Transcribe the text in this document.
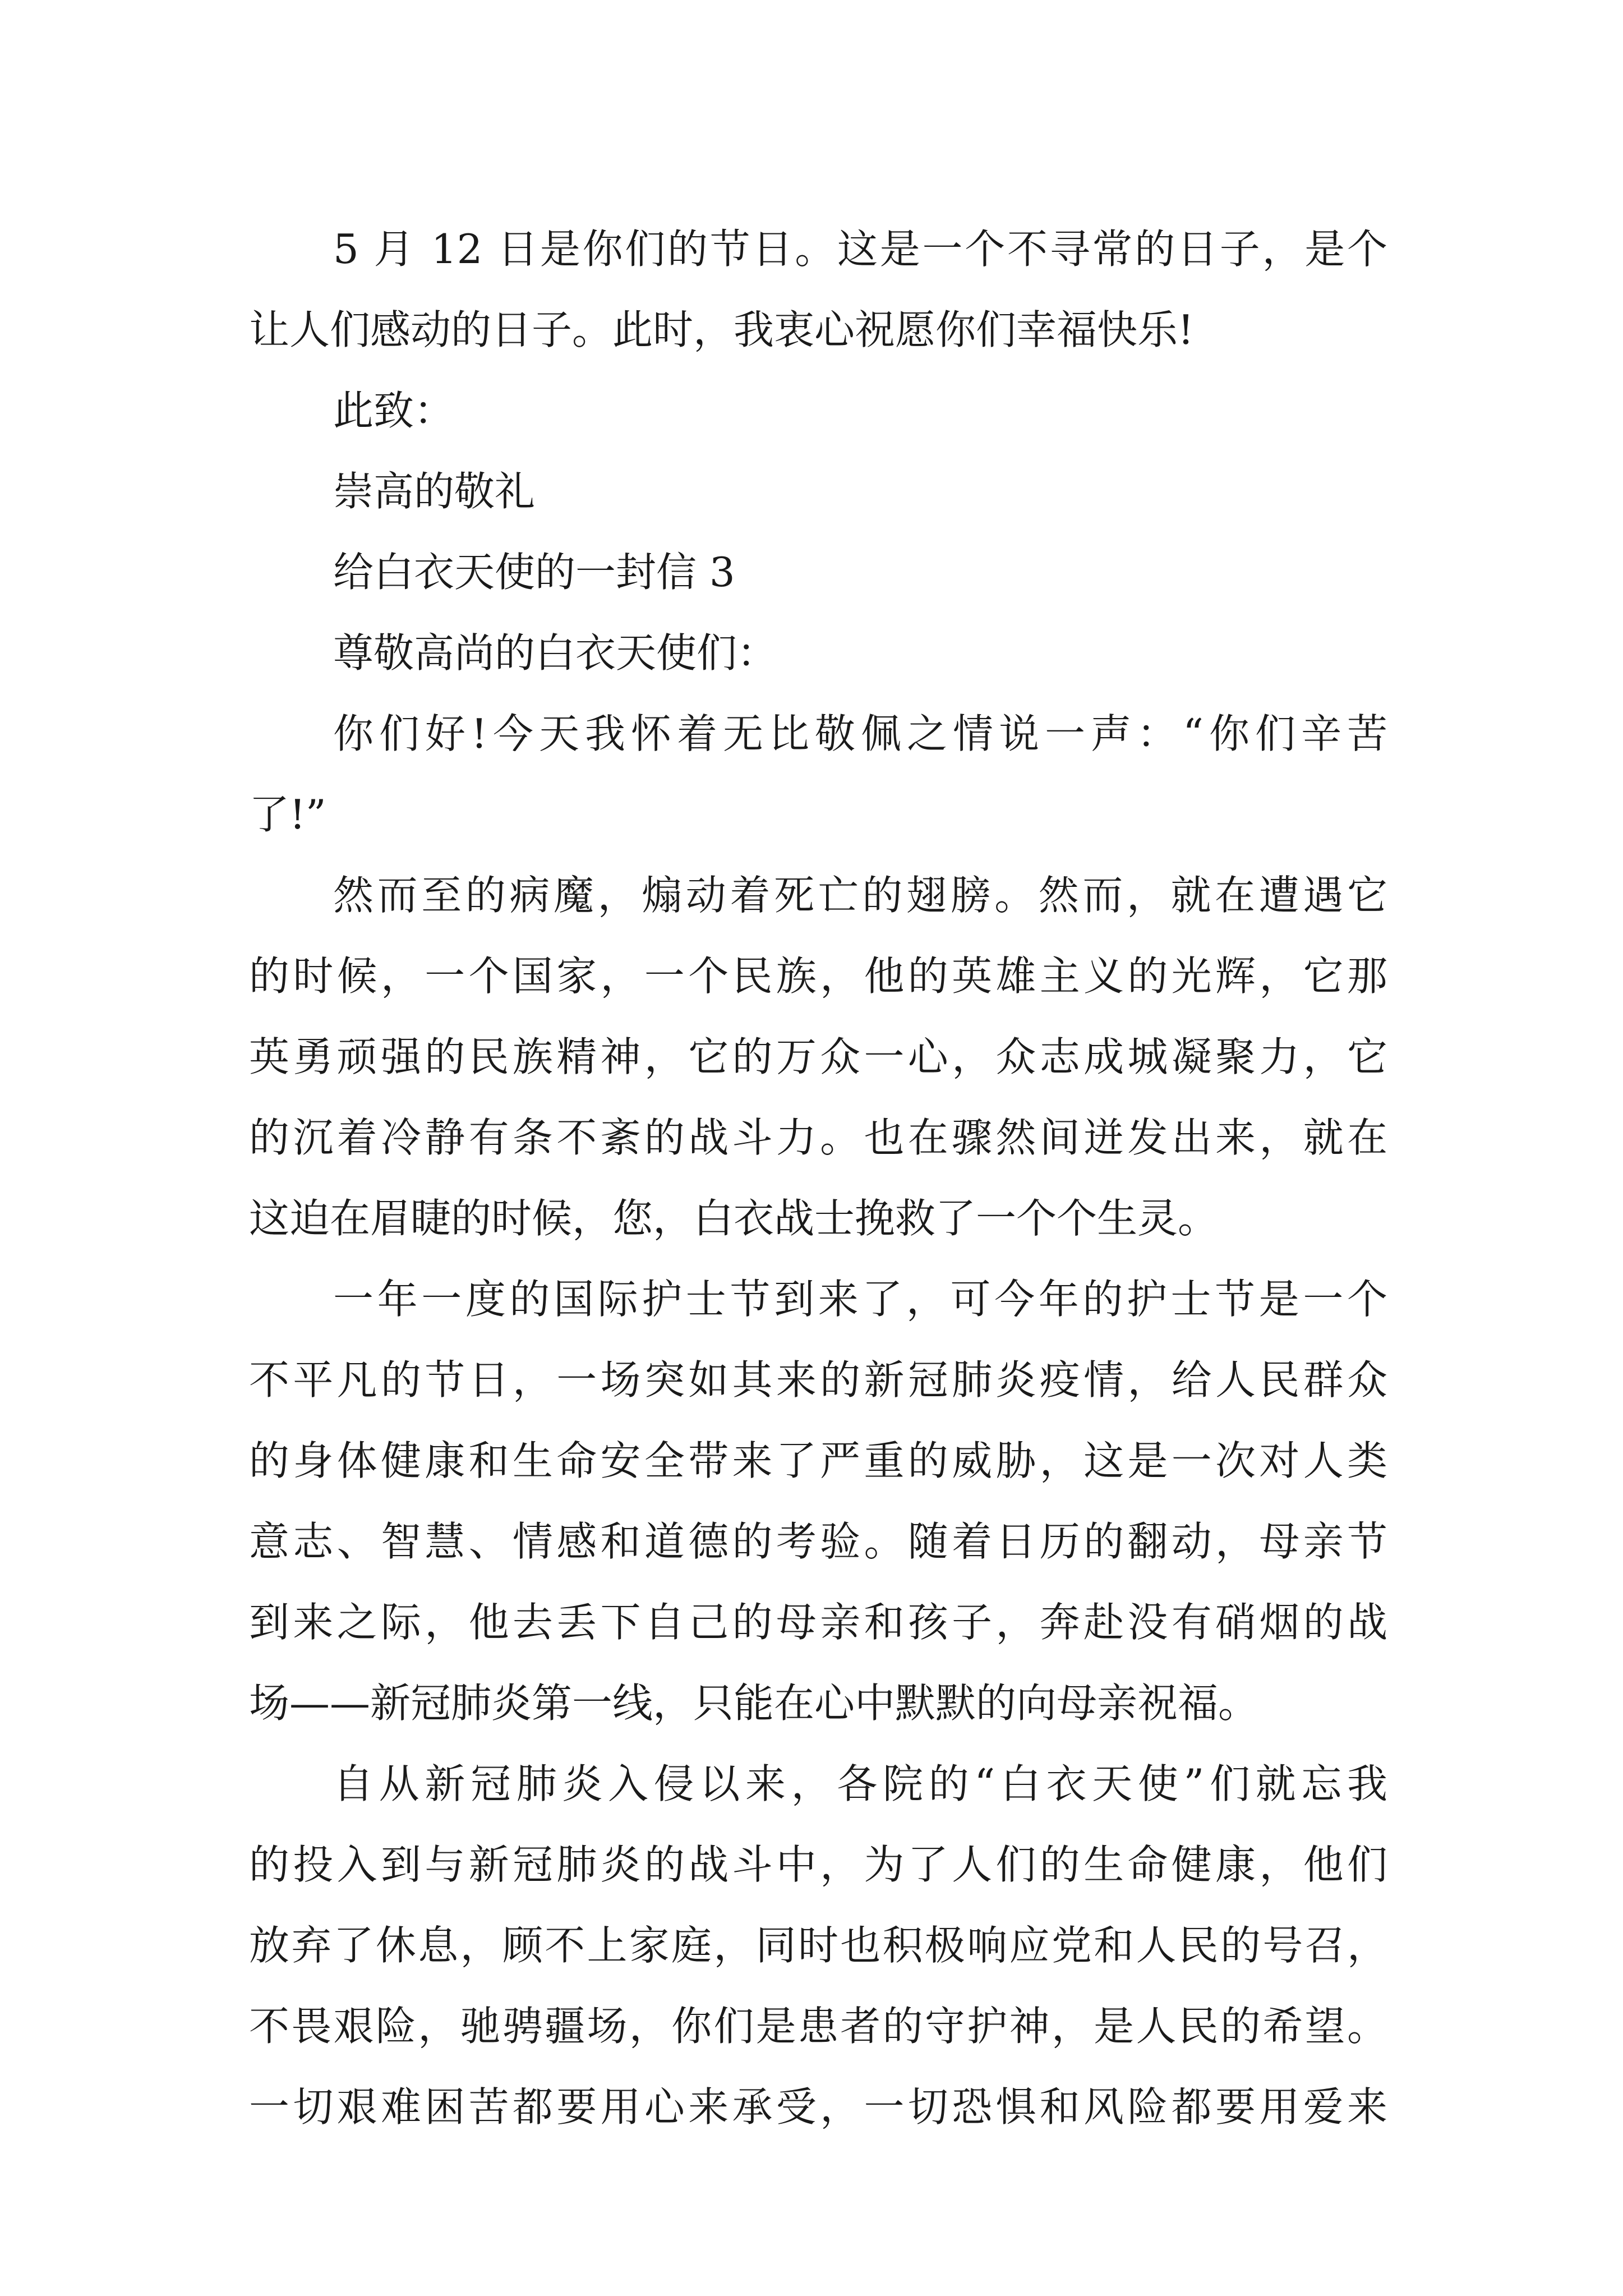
5 月 12 日是你们的节日。这是一个不寻常的日子，是个
让人们感动的日子。此时，我衷心祝愿你们幸福快乐!
此致：
崇高的敬礼
给白衣天使的一封信 3
尊敬高尚的白衣天使们：
你们好!今天我怀着无比敬佩之情说一声：“你们辛苦
了!”
然而至的病魔，煽动着死亡的翅膀。然而，就在遭遇它
的时候，一个国家，一个民族，他的英雄主义的光辉，它那
英勇顽强的民族精神，它的万众一心，众志成城凝聚力，它
的沉着冷静有条不紊的战斗力。也在骤然间迸发出来，就在
这迫在眉睫的时候，您，白衣战士挽救了一个个生灵。
一年一度的国际护士节到来了，可今年的护士节是一个
不平凡的节日，一场突如其来的新冠肺炎疫情，给人民群众
的身体健康和生命安全带来了严重的威胁，这是一次对人类
意志、智慧、情感和道德的考验。随着日历的翻动，母亲节
到来之际，他去丢下自己的母亲和孩子，奔赴没有硝烟的战
场——新冠肺炎第一线，只能在心中默默的向母亲祝福。
自从新冠肺炎入侵以来，各院的“白衣天使”们就忘我
的投入到与新冠肺炎的战斗中，为了人们的生命健康，他们
放弃了休息，顾不上家庭，同时也积极响应党和人民的号召，
不畏艰险，驰骋疆场，你们是患者的守护神，是人民的希望。
一切艰难困苦都要用心来承受，一切恐惧和风险都要用爱来
